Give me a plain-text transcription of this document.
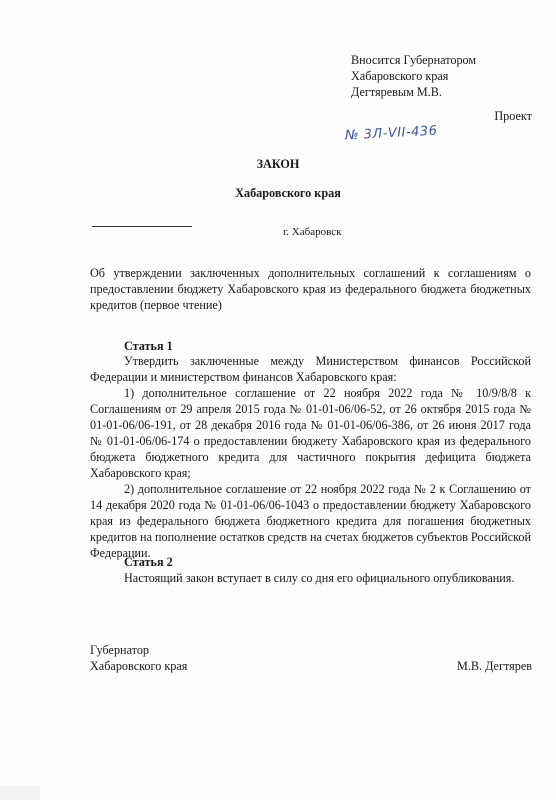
Вносится Губернатором
Хабаровского края
Дегтяревым М.В.
Проект
№ 3Л-VII-436
ЗАКОН
Хабаровского края
г. Хабаровск
Об утверждении заключенных дополнительных соглашений к соглашениям о предоставлении бюджету Хабаровского края из федерального бюджета бюджетных кредитов (первое чтение)
Статья 1

Утвердить заключенные между Министерством финансов Российской Федерации и министерством финансов Хабаровского края:

1) дополнительное соглашение от 22 ноября 2022 года № 10/9/8/8 к Соглашениям от 29 апреля 2015 года № 01-01-06/06-52, от 26 октября 2015 года № 01-01-06/06-191, от 28 декабря 2016 года № 01-01-06/06-386, от 26 июня 2017 года № 01-01-06/06-174 о предоставлении бюджету Хабаровского края из федерального бюджета бюджетного кредита для частичного покрытия дефицита бюджета Хабаровского края;

2) дополнительное соглашение от 22 ноября 2022 года № 2 к Соглашению от 14 декабря 2020 года № 01-01-06/06-1043 о предоставлении бюджету Хабаровского края из федерального бюджета бюджетного кредита для погашения бюджетных кредитов на пополнение остатков средств на счетах бюджетов субъектов Российской Федерации.

Статья 2
Настоящий закон вступает в силу со дня его официального опубликования.
Губернатор
Хабаровского края	М.В. Дегтярев
